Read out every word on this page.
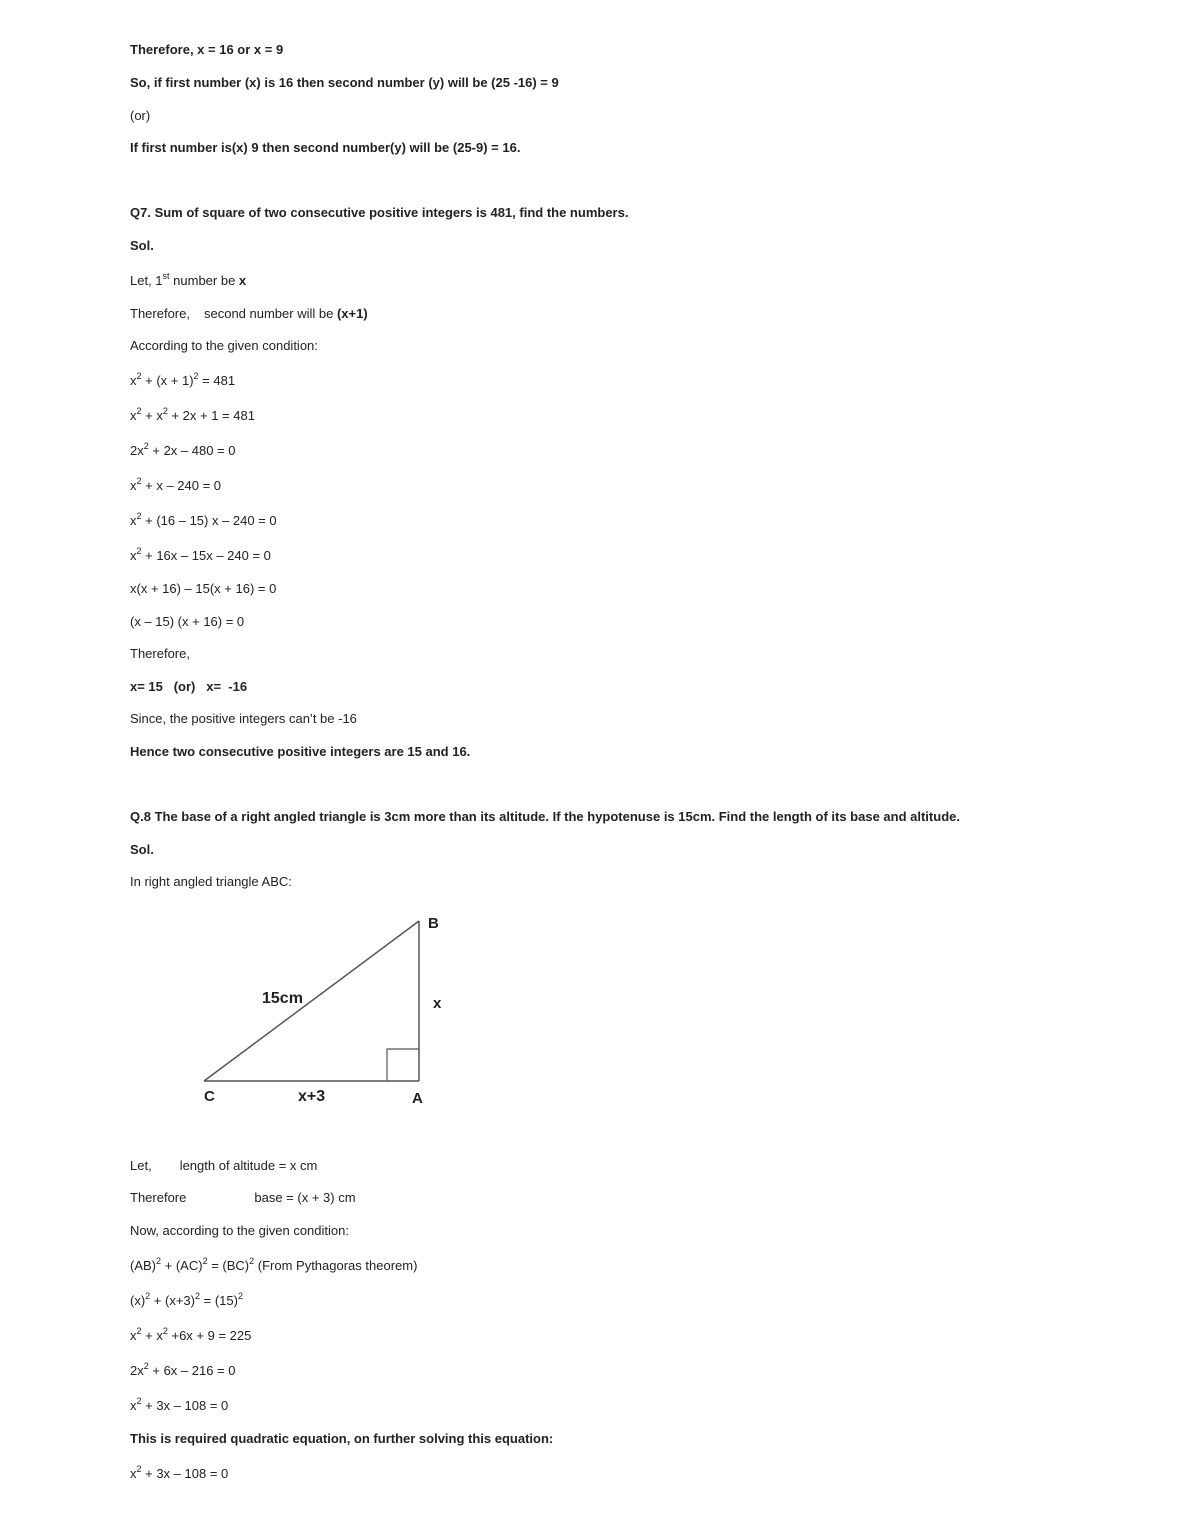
Therefore, x = 16 or x = 9
So, if first number (x) is 16 then second number (y) will be (25 -16) = 9
(or)
If first number is(x) 9 then second number(y) will be (25-9) = 16.
Q7. Sum of square of two consecutive positive integers is 481, find the numbers.
Sol.
Let, 1st number be x
Therefore, second number will be (x+1)
According to the given condition:
$x^2 + (x + 1)^2 = 481$
$x^2 + x^2 + 2x + 1 = 481$
$2x^2 + 2x - 480 = 0$
$x^2 + x - 240 = 0$
$x^2 + (16 - 15)$ x – 240 = 0
$x^2 + 16x - 15x - 240 = 0$
x(x + 16) – 15(x + 16) = 0
(x – 15) (x + 16) = 0
Therefore,
x= 15   (or)   x=  -16
Since, the positive integers can’t be -16
Hence two consecutive positive integers are 15 and 16.
Q.8 The base of a right angled triangle is 3cm more than its altitude. If the hypotenuse is 15cm. Find the length of its base and altitude.
Sol.
In right angled triangle ABC:
B
C	A
15cm
x+3
x
Let, length of altitude = x cm
Therefore	base = (x + 3) cm
Now, according to the given condition:
(AB)$^2$ + (AC)$^2$ = (BC)$^2$ (From Pythagoras theorem)
$(x)^2 + (x+3)^2 = (15)^2$
$x^2 + x^2 +6x + 9 = 225$
$2x^2 + 6x - 216 = 0$
$x^2 + 3x - 108 = 0$
This is required quadratic equation, on further solving this equation:
$x^2 + 3x - 108 = 0$
